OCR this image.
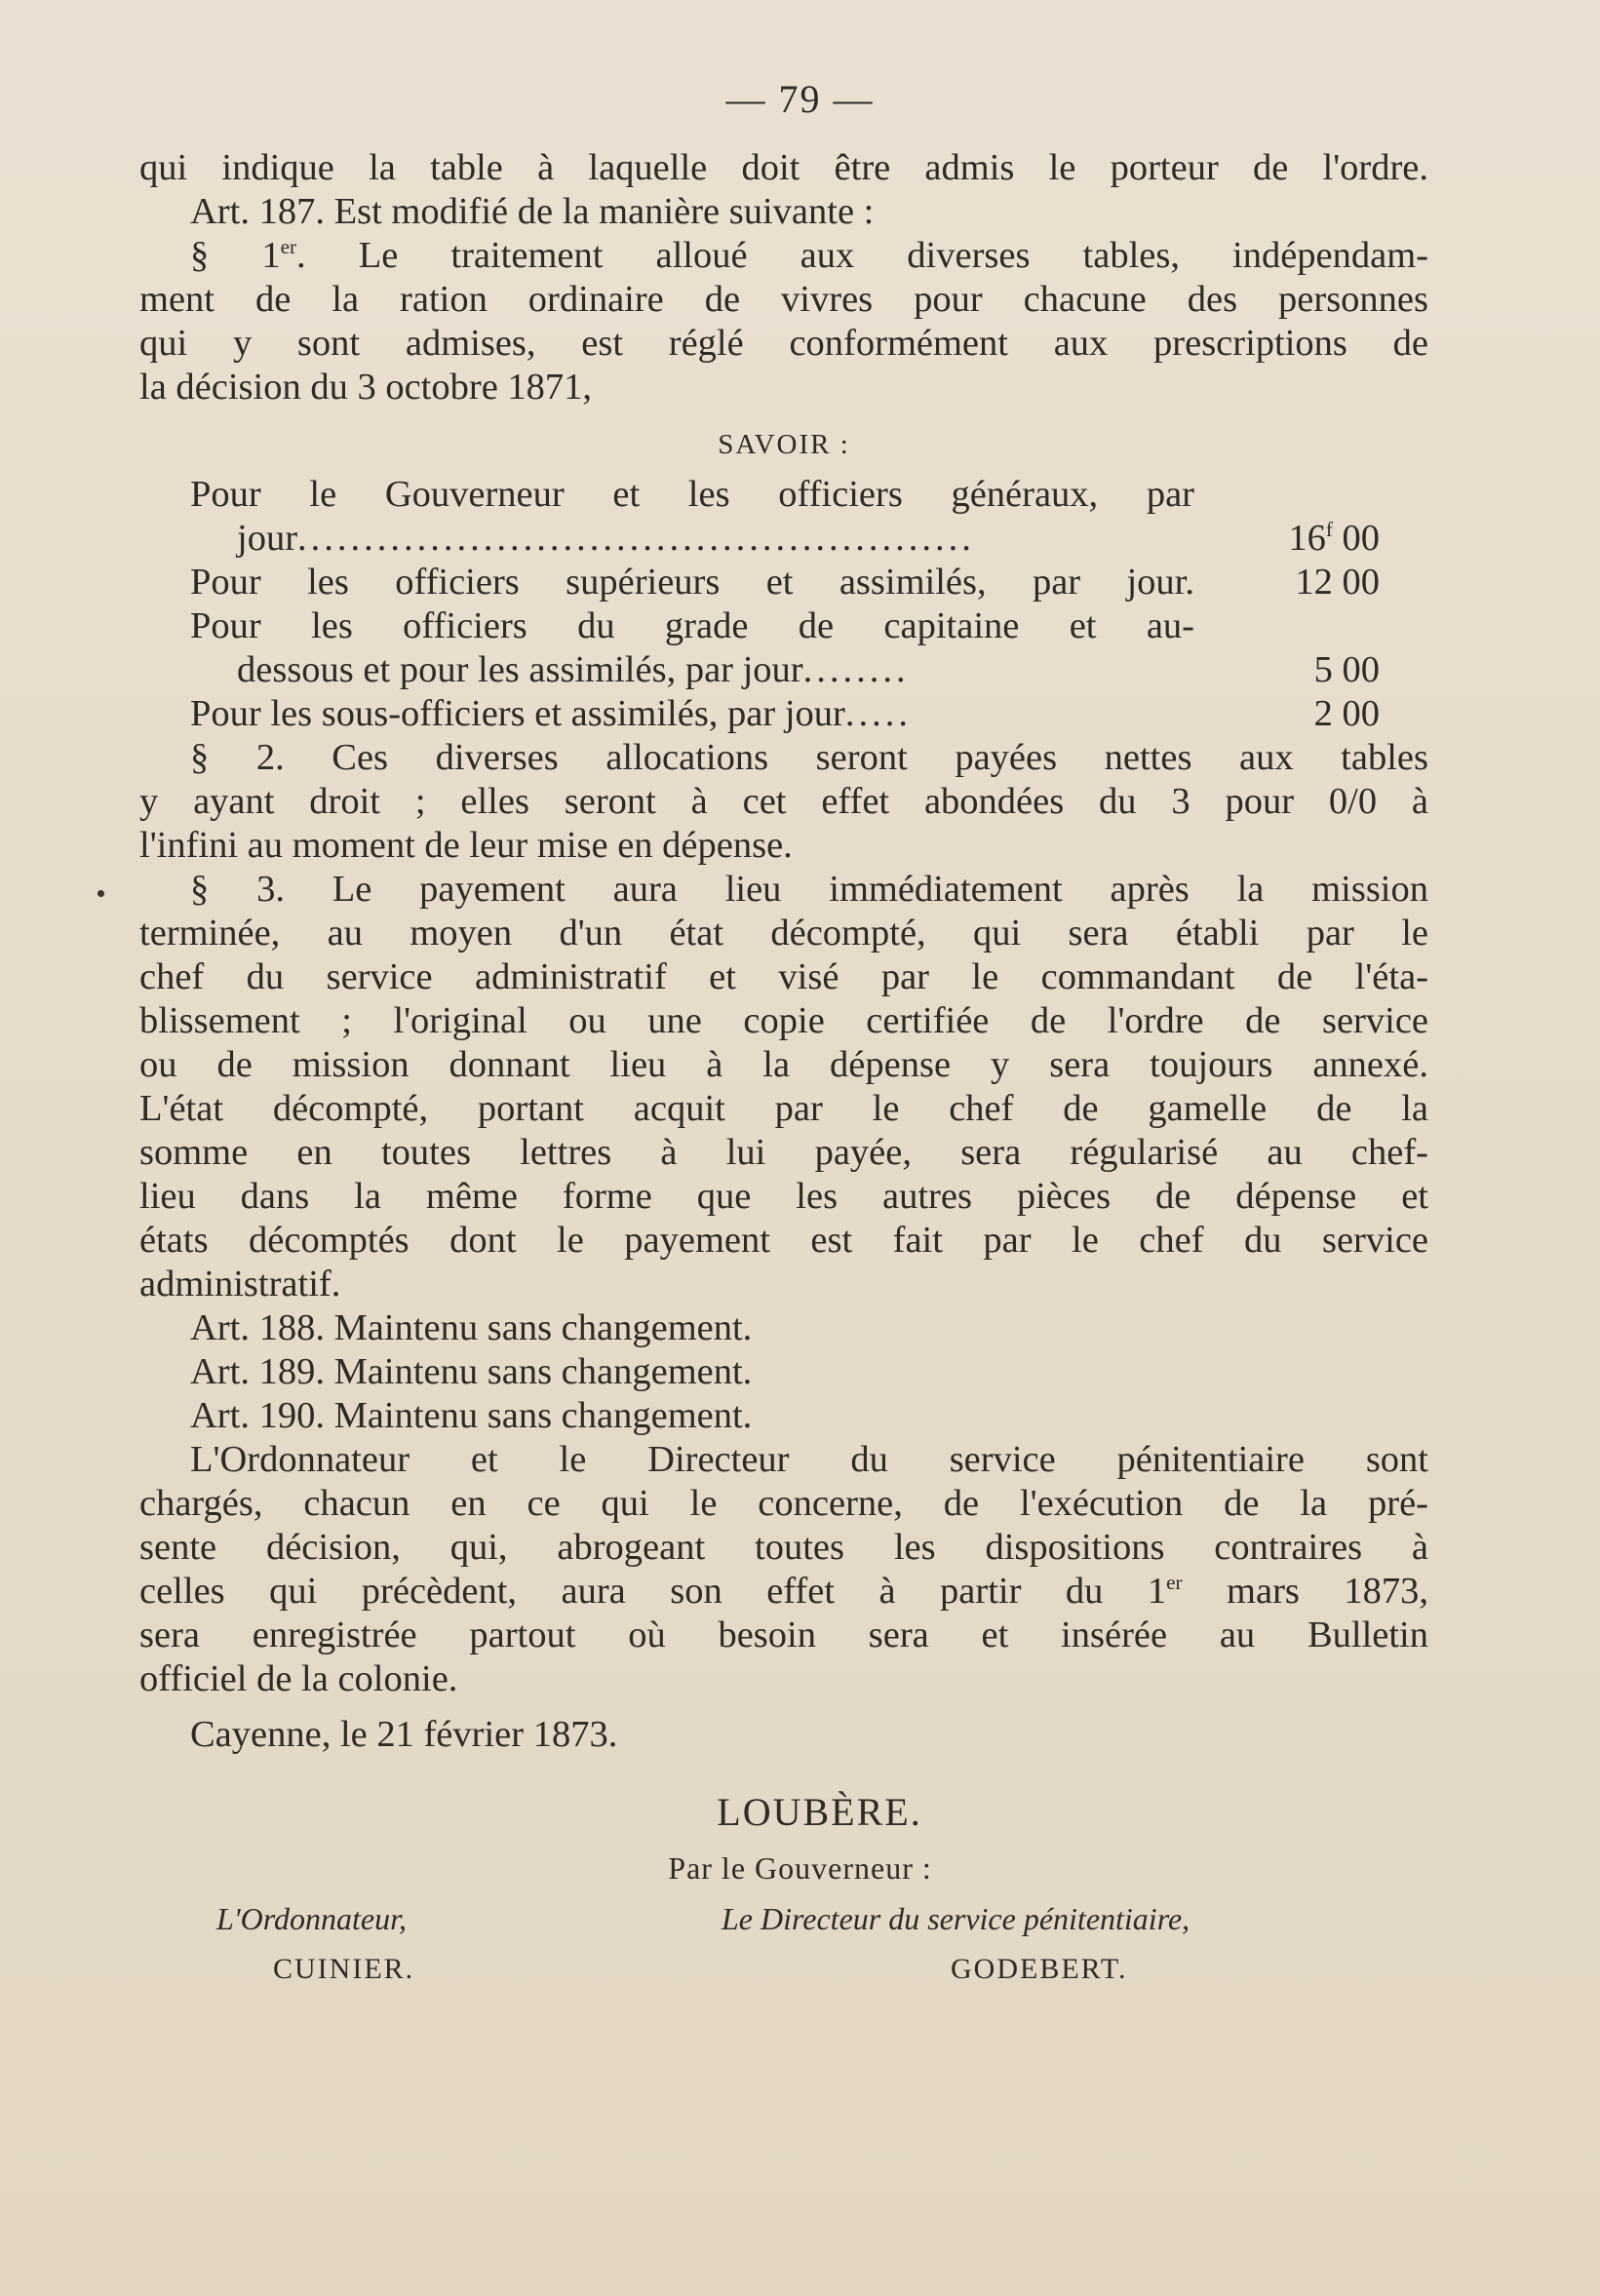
— 79 —
qui indique la table à laquelle doit être admis le porteur de l'ordre.
Art. 187. Est modifié de la manière suivante :
§ 1er. Le traitement alloué aux diverses tables, indépendam-
ment de la ration ordinaire de vivres pour chacune des personnes
qui y sont admises, est réglé conformément aux prescriptions de
la décision du 3 octobre 1871,
SAVOIR :
Pour le Gouverneur et les officiers généraux, par
jour ...................................................	16$^f$ 00
Pour les officiers supérieurs et assimilés, par jour.	12 00
Pour les officiers du grade de capitaine et au-
dessous et pour les assimilés, par jour ........	5 00
Pour les sous-officiers et assimilés, par jour .....	2 00
§ 2. Ces diverses allocations seront payées nettes aux tables
y ayant droit ; elles seront à cet effet abondées du 3 pour 0/0 à
l'infini au moment de leur mise en dépense.
§ 3. Le payement aura lieu immédiatement après la mission
terminée, au moyen d'un état décompté, qui sera établi par le
chef du service administratif et visé par le commandant de l'éta-
blissement ; l'original ou une copie certifiée de l'ordre de service
ou de mission donnant lieu à la dépense y sera toujours annexé.
L'état décompté, portant acquit par le chef de gamelle de la
somme en toutes lettres à lui payée, sera régularisé au chef-
lieu dans la même forme que les autres pièces de dépense et
états décomptés dont le payement est fait par le chef du service
administratif.
Art. 188. Maintenu sans changement.
Art. 189. Maintenu sans changement.
Art. 190. Maintenu sans changement.
L'Ordonnateur et le Directeur du service pénitentiaire sont
chargés, chacun en ce qui le concerne, de l'exécution de la pré-
sente décision, qui, abrogeant toutes les dispositions contraires à
celles qui précèdent, aura son effet à partir du 1er mars 1873,
sera enregistrée partout où besoin sera et insérée au Bulletin
officiel de la colonie.
Cayenne, le 21 février 1873.
LOUBÈRE.
Par le Gouverneur :
L'Ordonnateur,	Le Directeur du service pénitentiaire,
CUINIER.	GODEBERT.
